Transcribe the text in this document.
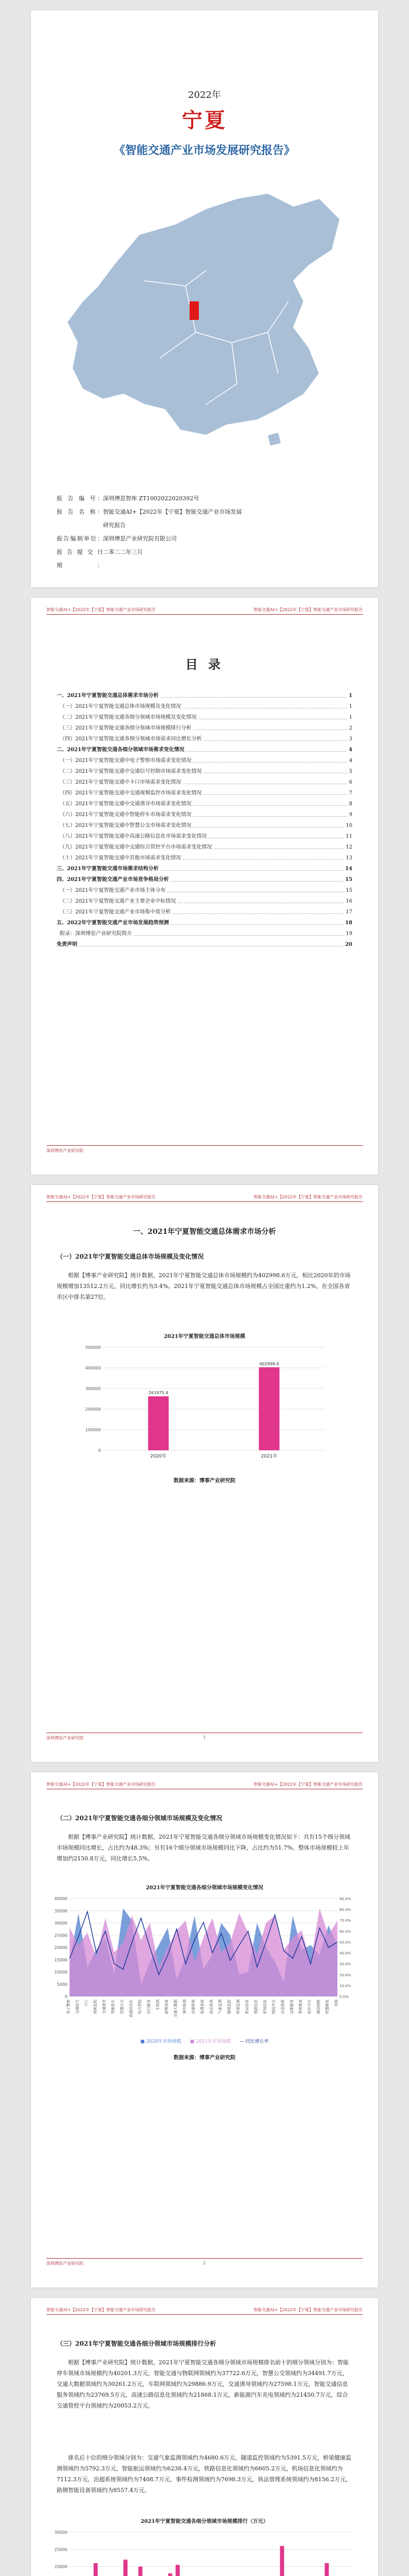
2022年
宁夏
《智能交通产业市场发展研究报告》
报 告 编 号： 深圳博思智库 ZT1002022020392号
报 告 名 称： 智能交通AI+【2022年【宁夏】智能交通产业市场发展研究报告
报告编制单位： 深圳博思产业研究院有限公司
报 告 提 交 日 期：
二零二二年三月
智能交通AI+【2022年【宁夏】智能交通产业市场研究报告	智能交通AI+【2022年【宁夏】智能交通产业市场研究报告
目 录
一、2021年宁夏智能交通总体需求市场分析	1
（一）2021年宁夏智能交通总体市场规模及变化情况	1
（二）2021年宁夏智能交通各细分领域市场规模及变化情况	1
（三）2021年宁夏智能交通各细分领域市场规模排行分析	2
（四）2021年宁夏智能交通各细分领域市场需求同比增长分析	3
二、2021年宁夏智能交通各细分领域市场需求变化情况	4
（一）2021年宁夏智能交通中电子警察市场需求变化情况	4
（二）2021年宁夏智能交通中交通信号控制市场需求变化情况	5
（三）2021年宁夏智能交通中卡口市场需求变化情况	6
（四）2021年宁夏智能交通中交通视频监控市场需求变化情况	7
（五）2021年宁夏智能交通中交通诱导市场需求变化情况	8
（六）2021年宁夏智能交通中智能停车市场需求变化情况	9
（七）2021年宁夏智能交通中智慧公交市场需求变化情况	10
（八）2021年宁夏智能交通中高速公路信息化市场需求变化情况	11
（九）2021年宁夏智能交通中交通综合管控平台市场需求变化情况	12
（十）2021年宁夏智能交通中其他市场需求变化情况	13
三、2021年宁夏智能交通市场需求结构分析	14
四、2021年宁夏智能交通产业市场竞争格局分析	15
（一）2021年宁夏智能交通产业市场主体分布	15
（二）2021年宁夏智能交通产业主要企业中标情况	16
（三）2021年宁夏智能交通产业市场集中度分析	17
五、2022年宁夏智能交通产业市场发展趋势预测	18
附录：深圳博思产业研究院简介	19
免责声明	20
深圳博思产业研究院
智能交通AI+【2022年【宁夏】智能交通产业市场研究报告	智能交通AI+【2022年【宁夏】智能交通产业市场研究报告
一、2021年宁夏智能交通总体需求市场分析
（一）2021年宁夏智能交通总体市场规模及变化情况

根据【博事产业研究院】统计数据，2021年宁夏智能交通总体市场规模约为402998.6万元，相比2020年的市场规模增加13512.2万元，同比增长约为3.4%。2021年宁夏智能交通总体市场规模占全国比重约为1.2%，在全国各省市区中排名第27位。

2021年宁夏智能交通总体市场规模
0
100000
200000
300000
400000
500000
261975.4
2020年
402998.6
2021年
数据来源：博事产业研究院
深圳博思产业研究院	1
智能交通AI+【2022年【宁夏】智能交通产业市场研究报告	智能交通AI+【2022年【宁夏】智能交通产业市场研究报告
（二）2021年宁夏智能交通各细分领域市场规模及变化情况

根据【博事产业研究院】统计数据，2021年宁夏智能交通各细分领域市场规模变化情况如下：共有15个细分领域市场规模同比增长，占比约为48.3%；另有16个细分领域市场规模同比下降，占比约为51.7%。整体市场规模较上年增加约2150.8万元，同比增长5.5%。

2021年宁夏智能交通各细分领域市场规模变化情况
0
5000
10000
15000
20000
25000
30000
35000
40000
0.0%
10.0%
20.0%
30.0%
40.0%
50.0%
60.0%
70.0%
80.0%
90.0%
电子警察 交通信号 卡口 视频监控 交通诱导 智能停车 智慧公交 高速信息化 综合管控 出行服务 车联网 路侧设备 交通大数据 事件检测 治超系统 收费系统 执法系统 气象监测 隧道监控 桥梁监测 航运信息 铁路信息 机场信息 物流平台 应急指挥 运维服务 系统集成 软件平台 通信网络 智慧枢纽 其他
■ 2020年市场规模 ■ 2021年市场规模 — 同比增长率
数据来源：博事产业研究院
深圳博思产业研究院	2
智能交通AI+【2022年【宁夏】智能交通产业市场研究报告	智能交通AI+【2022年【宁夏】智能交通产业市场研究报告
（三）2021年宁夏智能交通各细分领域市场规模排行分析

根据【博事产业研究院】统计数据，2021年宁夏智能交通各细分领域市场规模排名前十的细分领域分别为：智能停车领域市场规模约为40201.3万元，智能交通与物联网领域约为37722.6万元，智慧公交领域约为34491.7万元，交通大数据领域约为30261.2万元，车联网领域约为29886.9万元，交通诱导领域约为27598.1万元，智能交通信息服务领域约为23769.5万元，高速公路信息化领域约为21868.1万元，新能源汽车充电领域约为21450.7万元，综合交通管控平台领域约为20053.2万元。

排名后十位的细分领域分别为：交通气象监测领域约为4680.6万元，隧道监控领域约为5391.5万元，桥梁健康监测领域约为5792.3万元，智能航运领域约为6238.4万元，铁路信息化领域约为6605.2万元，机场信息化领域约为7112.3万元，治超系统领域约为7408.7万元，事件检测领域约为7698.3万元，执法管理系统领域约为8156.2万元，路侧智能设备领域约为8557.4万元。

2021年宁夏智能交通各细分领域市场规模排行（万元）
20000
25000
30000
